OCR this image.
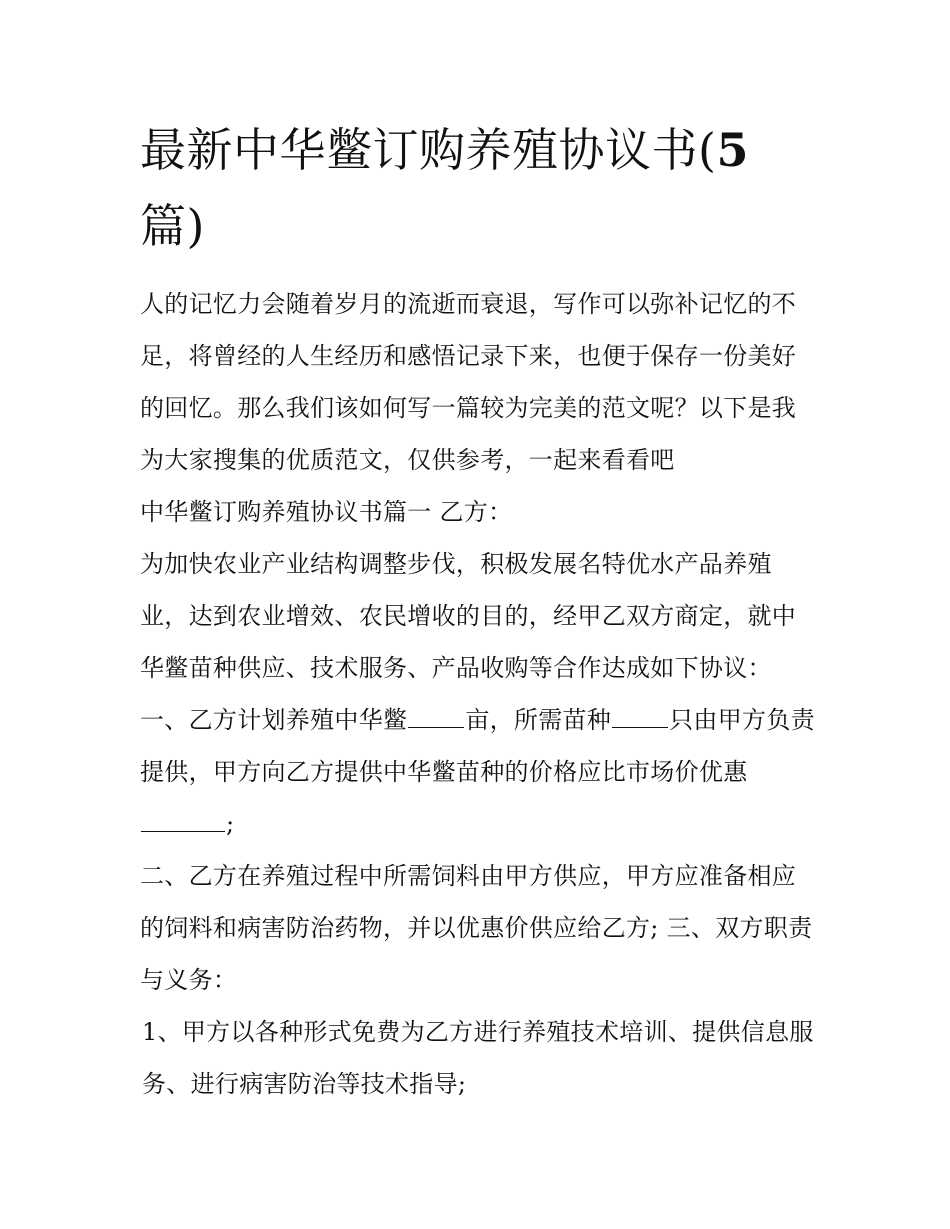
最新中华鳖订购养殖协议书(5
篇)

人的记忆力会随着岁月的流逝而衰退，写作可以弥补记忆的不足，将曾经的人生经历和感悟记录下来，也便于保存一份美好的回忆。那么我们该如何写一篇较为完美的范文呢？以下是我为大家搜集的优质范文，仅供参考，一起来看看吧

中华鳖订购养殖协议书篇一 乙方：

为加快农业产业结构调整步伐，积极发展名特优水产品养殖业，达到农业增效、农民增收的目的，经甲乙双方商定，就中华鳖苗种供应、技术服务、产品收购等合作达成如下协议：

一、乙方计划养殖中华鳖 亩，所需苗种 只由甲方负责提供，甲方向乙方提供中华鳖苗种的价格应比市场价优惠
;

二、乙方在养殖过程中所需饲料由甲方供应，甲方应准备相应的饲料和病害防治药物，并以优惠价供应给乙方; 三、双方职责与义务：

1、甲方以各种形式免费为乙方进行养殖技术培训、提供信息服务、进行病害防治等技术指导;
